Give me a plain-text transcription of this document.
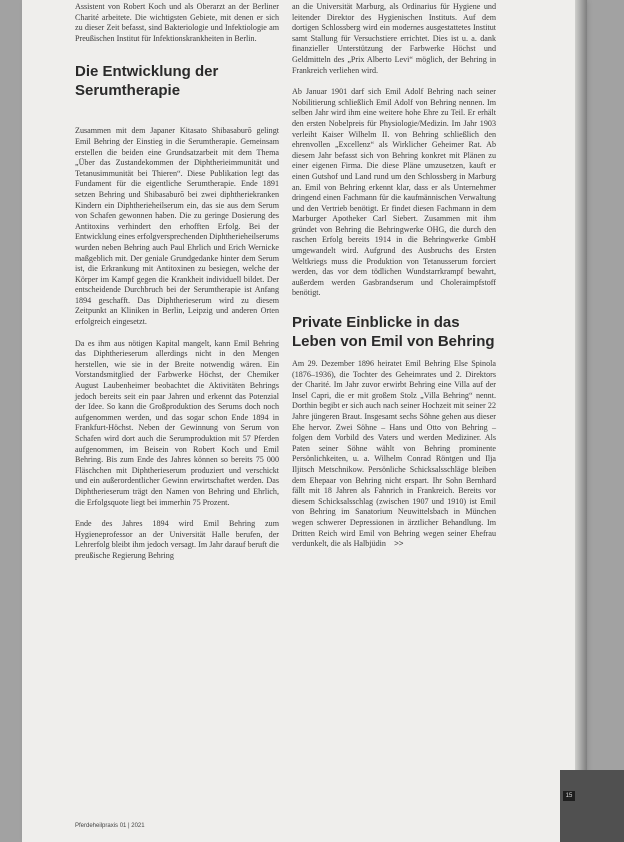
Assistent von Robert Koch und als Oberarzt an der Berliner Charité arbeitete. Die wichtigsten Gebiete, mit denen er sich zu dieser Zeit befasst, sind Bakteriologie und Infektiologie am Preußischen Institut für Infektionskrankheiten in Berlin.

Die Entwicklung der Serumtherapie

Zusammen mit dem Japaner Kitasato Shibasaburō gelingt Emil Behring der Einstieg in die Serumtherapie. Gemeinsam erstellen die beiden eine Grundsatzarbeit mit dem Thema „Über das Zustandekommen der Diphtherieimmunität und Tetanusimmunität bei Thieren“. Diese Publikation legt das Fundament für die eigentliche Serumtherapie. Ende 1891 setzen Behring und Shibasaburō bei zwei diphtheriekranken Kindern ein Diphtherieheilserum ein, das sie aus dem Serum von Schafen gewonnen haben. Die zu geringe Dosierung des Antitoxins verhindert den erhofften Erfolg. Bei der Entwicklung eines erfolgversprechenden Diphtherieheilserums wurden neben Behring auch Paul Ehrlich und Erich Wernicke maßgeblich mit. Der geniale Grundgedanke hinter dem Serum ist, die Erkrankung mit Antitoxinen zu besiegen, welche der Körper im Kampf gegen die Krankheit individuell bildet. Der entscheidende Durchbruch bei der Serumtherapie ist Anfang 1894 geschafft. Das Diphtherieserum wird zu diesem Zeitpunkt an Kliniken in Berlin, Leipzig und anderen Orten erfolgreich eingesetzt.

Da es ihm aus nötigen Kapital mangelt, kann Emil Behring das Diphtherieserum allerdings nicht in den Mengen herstellen, wie sie in der Breite notwendig wären. Ein Vorstandsmitglied der Farbwerke Höchst, der Chemiker August Laubenheimer beobachtet die Aktivitäten Behrings jedoch bereits seit ein paar Jahren und erkennt das Potenzial der Idee. So kann die Großproduktion des Serums doch noch aufgenommen werden, und das sogar schon Ende 1894 in Frankfurt-Höchst. Neben der Gewinnung von Serum von Schafen wird dort auch die Serumproduktion mit 57 Pferden aufgenommen, im Beisein von Robert Koch und Emil Behring. Bis zum Ende des Jahres können so bereits 75 000 Fläschchen mit Diphtherieserum produziert und verschickt und ein außerordentlicher Gewinn erwirtschaftet werden. Das Diphtherieserum trägt den Namen von Behring und Ehrlich, die Erfolgsquote liegt bei immerhin 75 Prozent.

Ende des Jahres 1894 wird Emil Behring zum Hygieneprofessor an der Universität Halle berufen, der Lehrerfolg bleibt ihm jedoch versagt. Im Jahr darauf beruft die preußische Regierung Behring

an die Universität Marburg, als Ordinarius für Hygiene und leitender Direktor des Hygienischen Instituts. Auf dem dortigen Schlossberg wird ein modernes ausgestattetes Institut samt Stallung für Versuchstiere errichtet. Dies ist u. a. dank finanzieller Unterstützung der Farbwerke Höchst und Geldmitteln des „Prix Alberto Levi“ möglich, der Behring in Frankreich verliehen wird.

Ab Januar 1901 darf sich Emil Adolf Behring nach seiner Nobilitierung schließlich Emil Adolf von Behring nennen. Im selben Jahr wird ihm eine weitere hohe Ehre zu Teil. Er erhält den ersten Nobelpreis für Physiologie/Medizin. Im Jahr 1903 verleiht Kaiser Wilhelm II. von Behring schließlich den ehrenvollen „Excellenz“ als Wirklicher Geheimer Rat. Ab diesem Jahr befasst sich von Behring konkret mit Plänen zu einer eigenen Firma. Die diese Pläne umzusetzen, kauft er einen Gutshof und Land rund um den Schlossberg in Marburg an. Emil von Behring erkennt klar, dass er als Unternehmer dringend einen Fachmann für die kaufmännischen Verwaltung und den Vertrieb benötigt. Er findet diesen Fachmann in dem Marburger Apotheker Carl Siebert. Zusammen mit ihm gründet von Behring die Behringwerke OHG, die durch den raschen Erfolg bereits 1914 in die Behringwerke GmbH umgewandelt wird. Aufgrund des Ausbruchs des Ersten Weltkriegs muss die Produktion von Tetanusserum forciert werden, das vor dem tödlichen Wundstarrkrampf bewahrt, außerdem werden Gasbrandserum und Choleraimpfstoff benötigt.

Private Einblicke in das Leben von Emil von Behring

Am 29. Dezember 1896 heiratet Emil Behring Else Spinola (1876–1936), die Tochter des Geheimrates und 2. Direktors der Charité. Im Jahr zuvor erwirbt Behring eine Villa auf der Insel Capri, die er mit großem Stolz „Villa Behring“ nennt. Dorthin begibt er sich auch nach seiner Hochzeit mit seiner 22 Jahre jüngeren Braut. Insgesamt sechs Söhne gehen aus dieser Ehe hervor. Zwei Söhne – Hans und Otto von Behring – folgen dem Vorbild des Vaters und werden Mediziner. Als Paten seiner Söhne wählt von Behring prominente Persönlichkeiten, u. a. Wilhelm Conrad Röntgen und Ilja Iljitsch Metschnikow. Persönliche Schicksalsschläge bleiben dem Ehepaar von Behring nicht erspart. Ihr Sohn Bernhard fällt mit 18 Jahren als Fahnrich in Frankreich. Bereits vor diesem Schicksalsschlag (zwischen 1907 und 1910) ist Emil von Behring im Sanatorium Neuwittelsbach in München wegen schwerer Depressionen in ärztlicher Behandlung. Im Dritten Reich wird Emil von Behring wegen seiner Ehefrau verdunkelt, die als Halbjüdin >>

Pferdeheilpraxis 01 | 2021
15
